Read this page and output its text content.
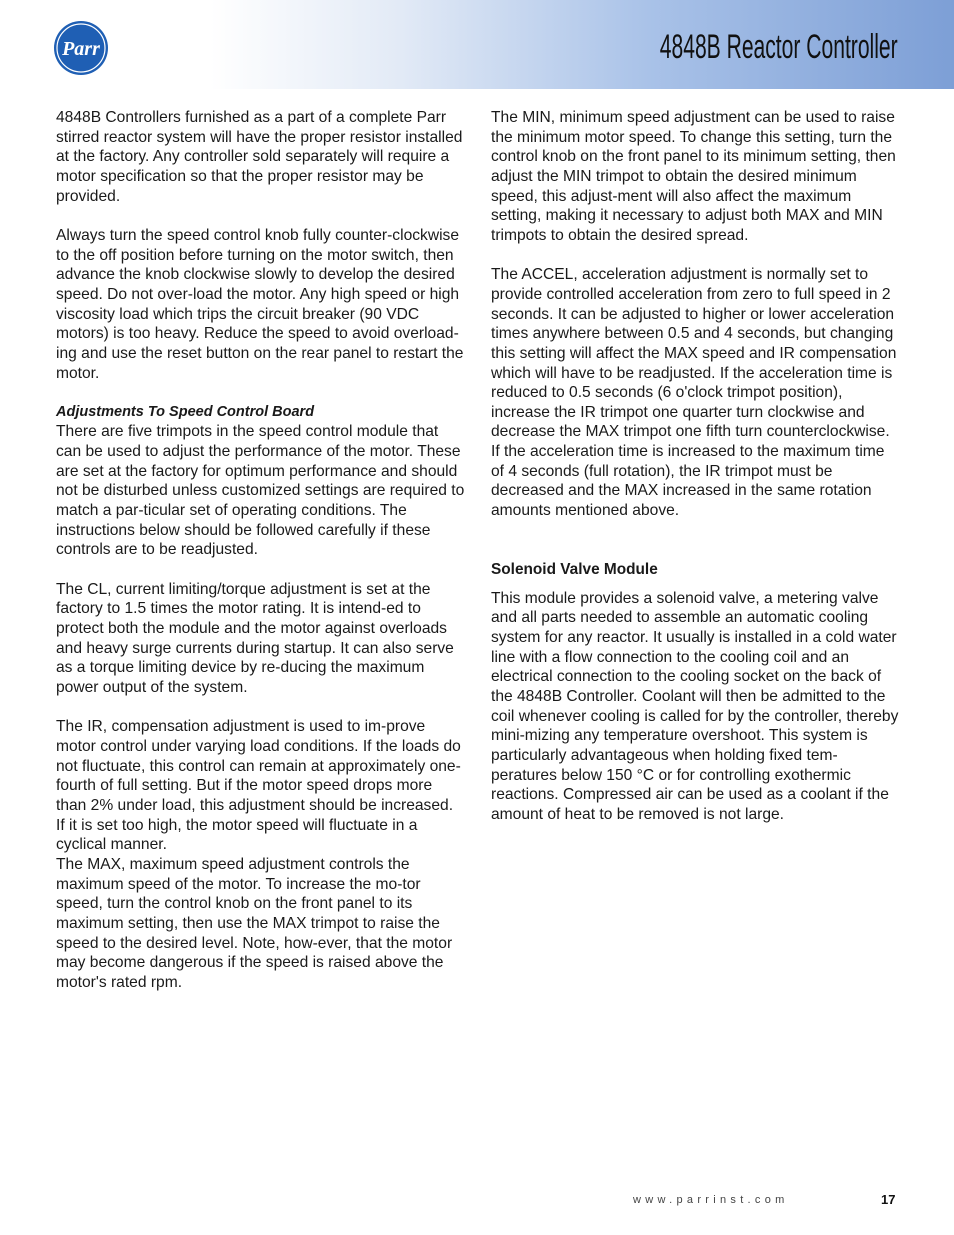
Parr	4848B Reactor Controller

4848B Controllers furnished as a part of a complete Parr stirred reactor system will have the proper resistor installed at the factory. Any controller sold separately will require a motor specification so that the proper resistor may be provided.

Always turn the speed control knob fully counter-clockwise to the off position before turning on the motor switch, then advance the knob clockwise slowly to develop the desired speed. Do not over-load the motor. Any high speed or high viscosity load which trips the circuit breaker (90 VDC motors) is too heavy. Reduce the speed to avoid overload-ing and use the reset button on the rear panel to restart the motor.

Adjustments To Speed Control Board

There are five trimpots in the speed control module that can be used to adjust the performance of the motor. These are set at the factory for optimum performance and should not be disturbed unless customized settings are required to match a par-ticular set of operating conditions. The instructions below should be followed carefully if these controls are to be readjusted.

The CL, current limiting/torque adjustment is set at the factory to 1.5 times the motor rating. It is intend-ed to protect both the module and the motor against overloads and heavy surge currents during startup. It can also serve as a torque limiting device by re-ducing the maximum power output of the system.

The IR, compensation adjustment is used to im-prove motor control under varying load conditions. If the loads do not fluctuate, this control can remain at approximately one-fourth of full setting. But if the motor speed drops more than 2% under load, this adjustment should be increased. If it is set too high, the motor speed will fluctuate in a cyclical manner.

The MAX, maximum speed adjustment controls the maximum speed of the motor. To increase the mo-tor speed, turn the control knob on the front panel to its maximum setting, then use the MAX trimpot to raise the speed to the desired level. Note, how-ever, that the motor may become dangerous if the speed is raised above the motor's rated rpm.

The MIN, minimum speed adjustment can be used to raise the minimum motor speed. To change this setting, turn the control knob on the front panel to its minimum setting, then adjust the MIN trimpot to obtain the desired minimum speed, this adjust-ment will also affect the maximum setting, making it necessary to adjust both MAX and MIN trimpots to obtain the desired spread.

The ACCEL, acceleration adjustment is normally set to provide controlled acceleration from zero to full speed in 2 seconds. It can be adjusted to higher or lower acceleration times anywhere between 0.5 and 4 seconds, but changing this setting will affect the MAX speed and IR compensation which will have to be readjusted. If the acceleration time is reduced to 0.5 seconds (6 o'clock trimpot position), increase the IR trimpot one quarter turn clockwise and decrease the MAX trimpot one fifth turn counterclockwise. If the acceleration time is increased to the maximum time of 4 seconds (full rotation), the IR trimpot must be decreased and the MAX increased in the same rotation amounts mentioned above.

Solenoid Valve Module

This module provides a solenoid valve, a metering valve and all parts needed to assemble an automatic cooling system for any reactor. It usually is installed in a cold water line with a flow connection to the cooling coil and an electrical connection to the cooling socket on the back of the 4848B Controller. Coolant will then be admitted to the coil whenever cooling is called for by the controller, thereby mini-mizing any temperature overshoot. This system is particularly advantageous when holding fixed tem-peratures below 150 °C or for controlling exothermic reactions. Compressed air can be used as a coolant if the amount of heat to be removed is not large.

www.parrinst.com	17
